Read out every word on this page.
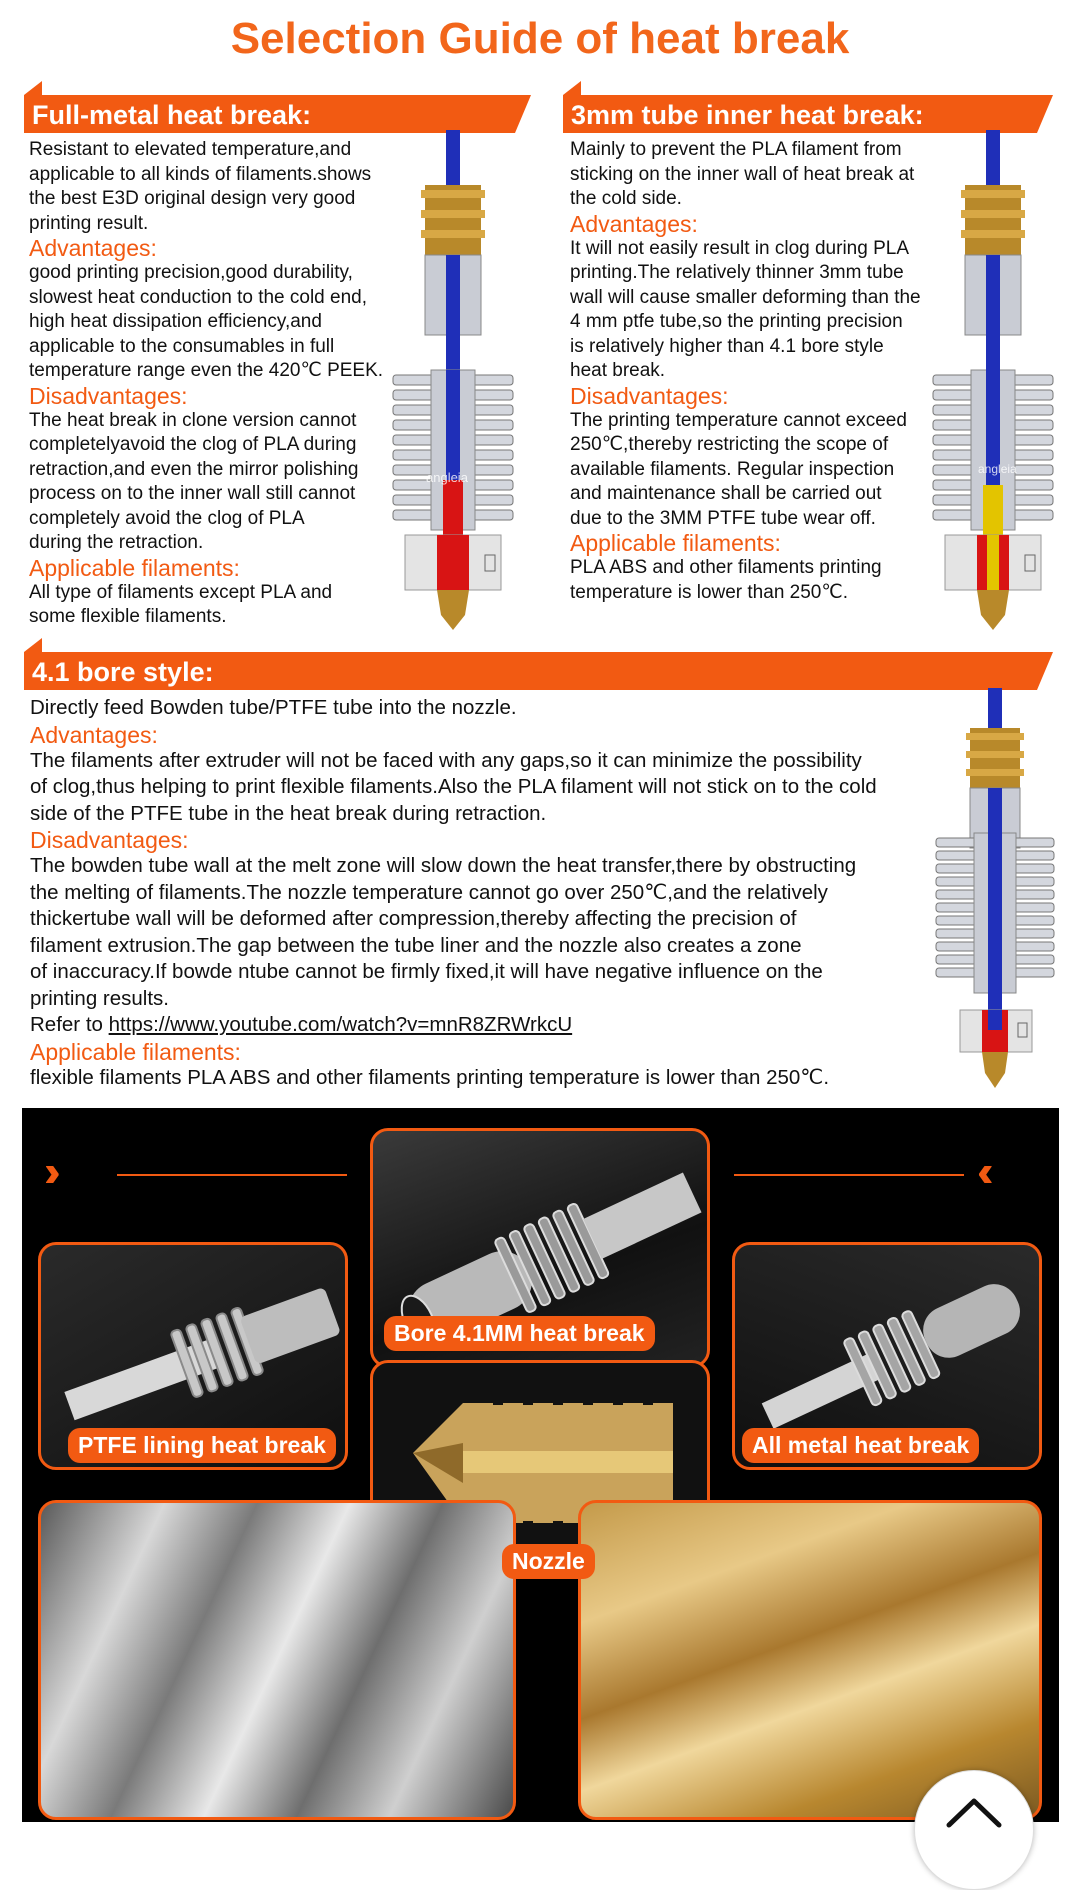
Selection Guide of heat break
Full-metal heat break:

Resistant to elevated temperature,and

applicable to all kinds of filaments.shows

the best E3D original design very good

printing result.

Advantages:

good printing precision,good durability,

slowest heat conduction to the cold end,

high heat dissipation efficiency,and

applicable to the consumables in full

temperature range even the 420℃ PEEK.

Disadvantages:

The heat break in clone version cannot

completelyavoid the clog of PLA during

retraction,and even the mirror polishing

process on to the inner wall still cannot

completely avoid the clog of PLA

during the retraction.

Applicable filaments:

All type of filaments except PLA and

some flexible filaments.

3mm tube inner heat break:

Mainly to prevent the PLA filament from

sticking on the inner wall of heat break at

the cold side.

Advantages:

It will not easily result in clog during PLA

printing.The relatively thinner 3mm tube

wall will cause smaller deforming than the

4 mm ptfe tube,so the printing precision

is relatively higher than 4.1 bore style

heat break.

Disadvantages:

The printing temperature cannot exceed

250℃,thereby restricting the scope of

available filaments. Regular inspection

and maintenance shall be carried out

due to the 3MM PTFE tube wear off.

Applicable filaments:

PLA ABS and other filaments printing

temperature is lower than 250℃.

angleia
4.1 bore style:

Directly feed Bowden tube/PTFE tube into the nozzle.

Advantages:

The filaments after extruder will not be faced with any gaps,so it can minimize the possibility

of clog,thus helping to print flexible filaments.Also the PLA filament will not stick on to the cold

side of the PTFE tube in the heat break during retraction.

Disadvantages:

The bowden tube wall at the melt zone will slow down the heat transfer,there by obstructing

the melting of filaments.The nozzle temperature cannot go over 250℃,and the relatively

thickertube wall will be deformed after compression,thereby affecting the precision of

filament extrusion.The gap between the tube liner and the nozzle also creates a zone

of inaccuracy.If bowde ntube cannot be firmly fixed,it will have negative influence on the

printing results.

Refer to https://www.youtube.com/watch?v=mnR8ZRWrkcU
Applicable filaments:

flexible filaments PLA ABS and other filaments printing temperature is lower than 250℃.

angleia
››››	‹‹‹‹
Bore 4.1MM heat break
PTFE lining heat break	All metal heat break
Nozzle
